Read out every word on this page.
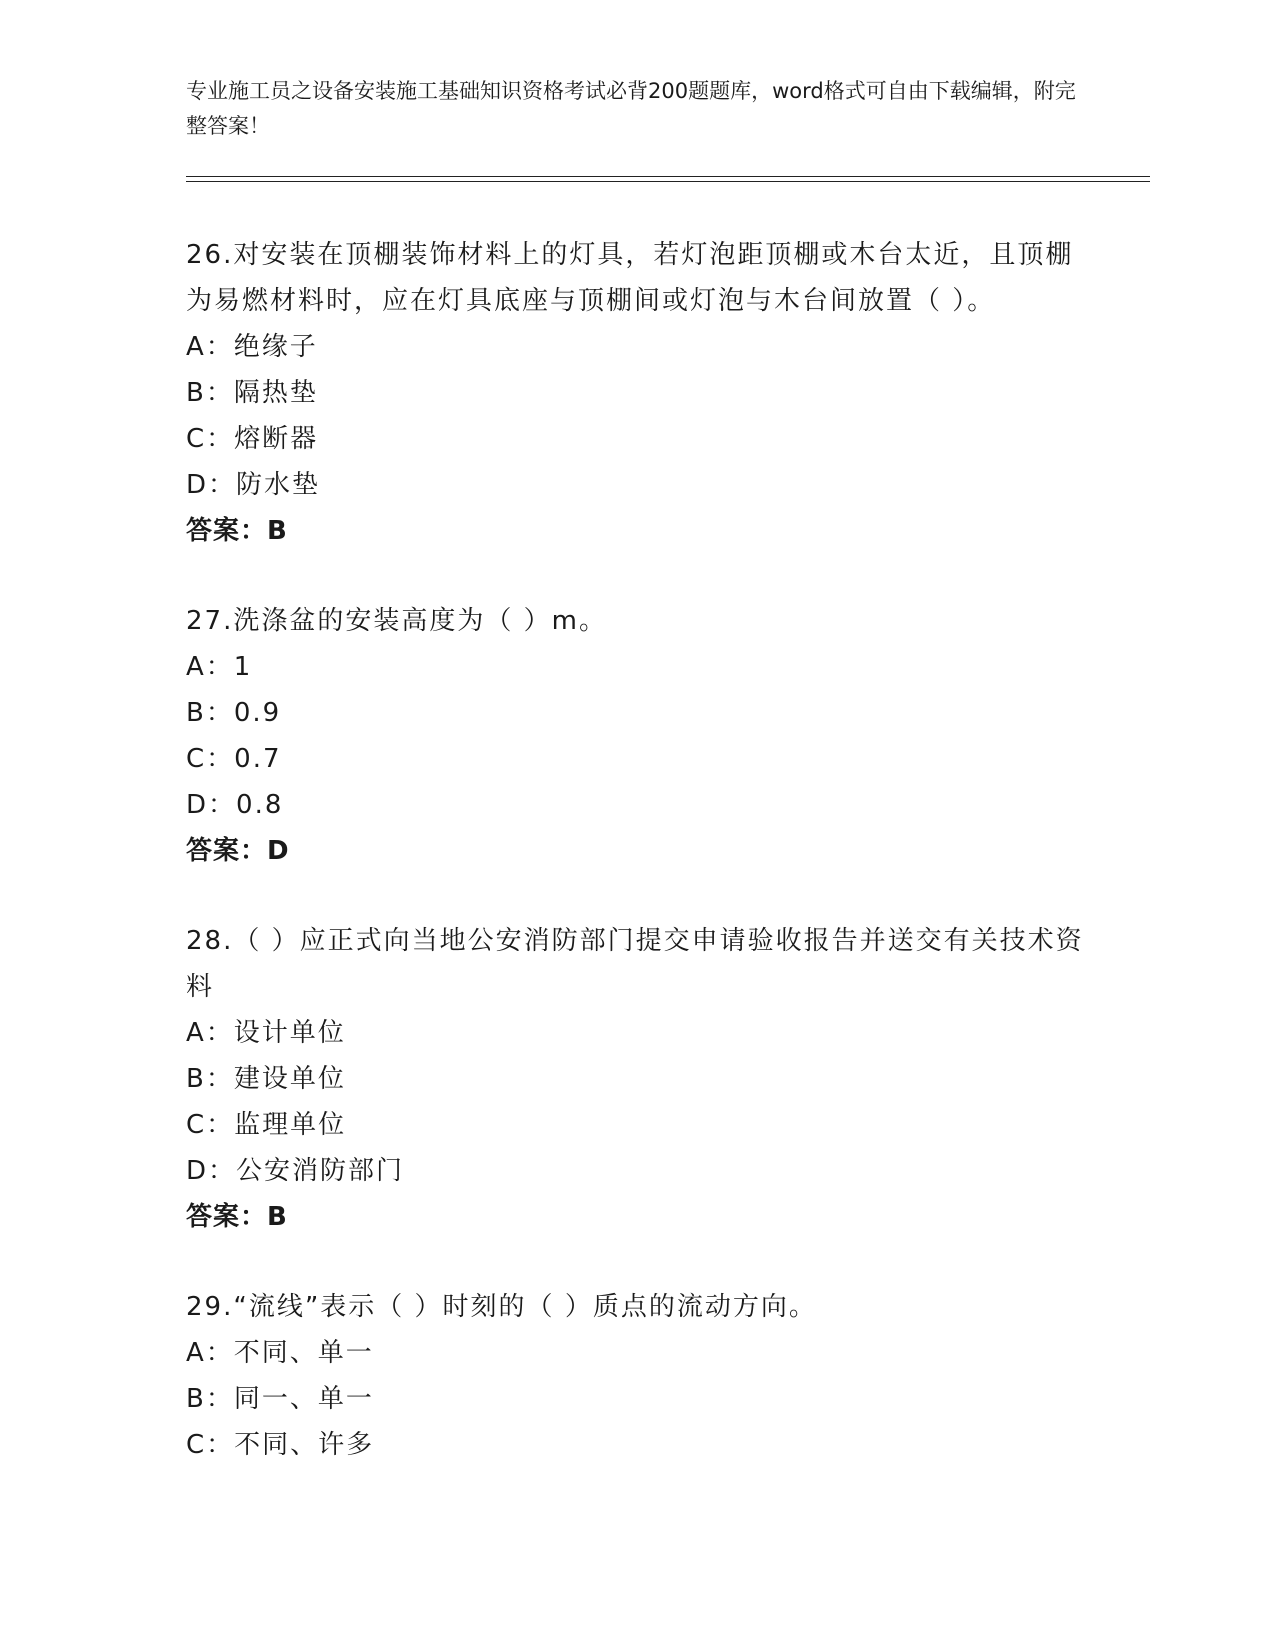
专业施工员之设备安装施工基础知识资格考试必背200题题库，word格式可自由下载编辑，附完整答案！

26.对安装在顶棚装饰材料上的灯具，若灯泡距顶棚或木台太近，且顶棚为易燃材料时，应在灯具底座与顶棚间或灯泡与木台间放置（ ）。

A：绝缘子
B：隔热垫
C：熔断器
D：防水垫
答案：B

27.洗涤盆的安装高度为（ ）m。

A：1
B：0.9
C：0.7
D：0.8
答案：D

28.（ ）应正式向当地公安消防部门提交申请验收报告并送交有关技术资料

A：设计单位
B：建设单位
C：监理单位
D：公安消防部门
答案：B

29.“流线”表示（ ）时刻的（ ）质点的流动方向。

A：不同、单一
B：同一、单一
C：不同、许多
